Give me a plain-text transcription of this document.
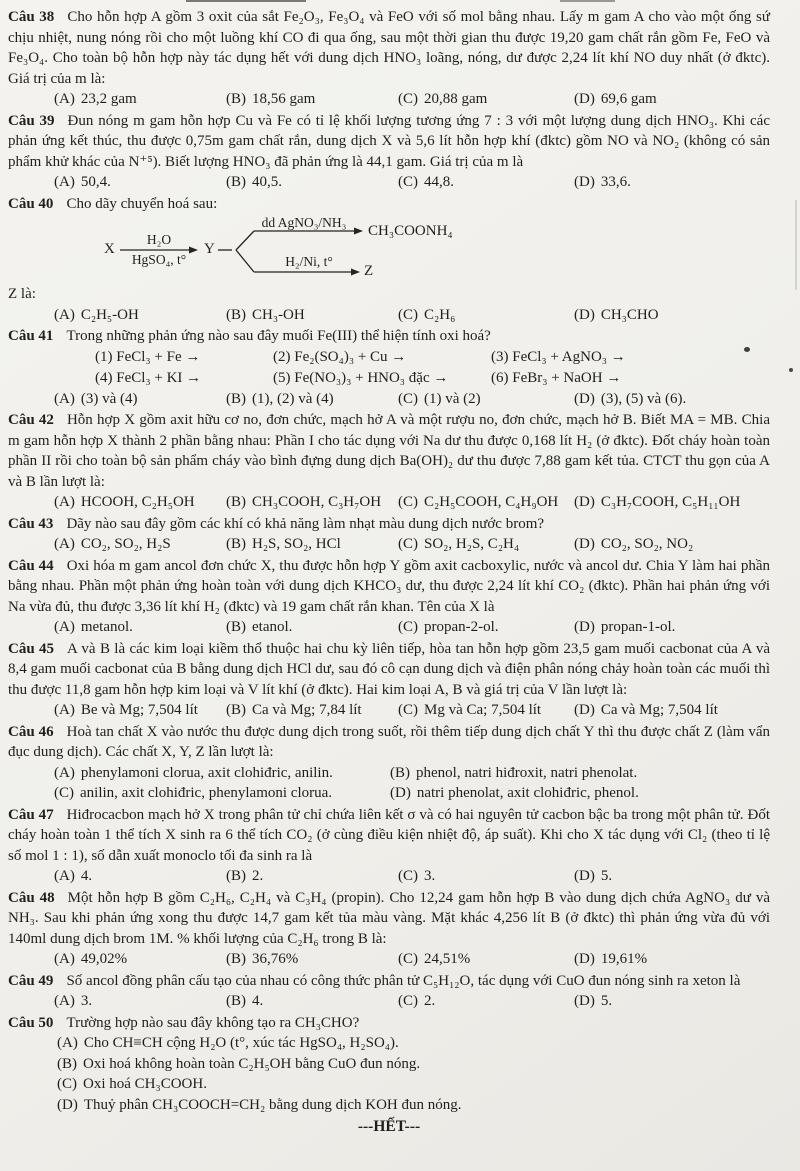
Câu 38 Cho hỗn hợp A gồm 3 oxit của sắt Fe₂O₃, Fe₃O₄ và FeO với số mol bằng nhau. Lấy m gam A cho vào một ống sứ chịu nhiệt, nung nóng rồi cho một luồng khí CO đi qua ống, sau một thời gian thu được 19,20 gam chất rắn gồm Fe, FeO và Fe₃O₄. Cho toàn bộ hỗn hợp này tác dụng hết với dung dịch HNO₃ loãng, nóng, dư được 2,24 lít khí NO duy nhất (ở đktc). Giá trị của m là:
(A) 23,2 gam	(B) 18,56 gam	(C) 20,88 gam	(D) 69,6 gam
Câu 39 Đun nóng m gam hỗn hợp Cu và Fe có tỉ lệ khối lượng tương ứng 7 : 3 với một lượng dung dịch HNO₃. Khi các phản ứng kết thúc, thu được 0,75m gam chất rắn, dung dịch X và 5,6 lít hỗn hợp khí (đktc) gồm NO và NO₂ (không có sản phẩm khử khác của N⁺⁵). Biết lượng HNO₃ đã phản ứng là 44,1 gam. Giá trị của m là
(A) 50,4.	(B) 40,5.	(C) 44,8.	(D) 33,6.
Câu 40 Cho dãy chuyển hoá sau:
X
H₂O
HgSO₄, t°
Y
dd AgNO₃/NH₃
CH₃COONH₄
H₂/Ni, t°
Z
Z là:
(A) C₂H₅-OH	(B) CH₃-OH	(C) C₂H₆	(D) CH₃CHO
Câu 41 Trong những phản ứng nào sau đây muối Fe(III) thể hiện tính oxi hoá?
(1) FeCl₃ + Fe →	(2) Fe₂(SO₄)₃ + Cu →	(3) FeCl₃ + AgNO₃ →
(4) FeCl₃ + KI →	(5) Fe(NO₃)₃ + HNO₃ đặc →	(6) FeBr₃ + NaOH →
(A) (3) và (4)	(B) (1), (2) và (4)	(C) (1) và (2)	(D) (3), (5) và (6).
Câu 42 Hỗn hợp X gồm axit hữu cơ no, đơn chức, mạch hở A và một rượu no, đơn chức, mạch hở B. Biết MA = MB. Chia m gam hỗn hợp X thành 2 phần bằng nhau: Phần I cho tác dụng với Na dư thu được 0,168 lít H₂ (ở đktc). Đốt cháy hoàn toàn phần II rồi cho toàn bộ sản phẩm cháy vào bình đựng dung dịch Ba(OH)₂ dư thu được 7,88 gam kết tủa. CTCT thu gọn của A và B lần lượt là:
(A) HCOOH, C₂H₅OH	(B) CH₃COOH, C₃H₇OH	(C) C₂H₅COOH, C₄H₉OH	(D) C₃H₇COOH, C₅H₁₁OH
Câu 43 Dãy nào sau đây gồm các khí có khả năng làm nhạt màu dung dịch nước brom?
(A) CO₂, SO₂, H₂S	(B) H₂S, SO₂, HCl	(C) SO₂, H₂S, C₂H₄	(D) CO₂, SO₂, NO₂
Câu 44 Oxi hóa m gam ancol đơn chức X, thu được hỗn hợp Y gồm axit cacboxylic, nước và ancol dư. Chia Y làm hai phần bằng nhau. Phần một phản ứng hoàn toàn với dung dịch KHCO₃ dư, thu được 2,24 lít khí CO₂ (đktc). Phần hai phản ứng với Na vừa đủ, thu được 3,36 lít khí H₂ (đktc) và 19 gam chất rắn khan. Tên của X là
(A) metanol.	(B) etanol.	(C) propan-2-ol.	(D) propan-1-ol.
Câu 45 A và B là các kim loại kiềm thổ thuộc hai chu kỳ liên tiếp, hòa tan hỗn hợp gồm 23,5 gam muối cacbonat của A và 8,4 gam muối cacbonat của B bằng dung dịch HCl dư, sau đó cô cạn dung dịch và điện phân nóng chảy hoàn toàn các muối thì thu được 11,8 gam hỗn hợp kim loại và V lít khí (ở đktc). Hai kim loại A, B và giá trị của V lần lượt là:
(A) Be và Mg; 7,504 lít	(B) Ca và Mg; 7,84 lít	(C) Mg và Ca; 7,504 lít	(D) Ca và Mg; 7,504 lít
Câu 46 Hoà tan chất X vào nước thu được dung dịch trong suốt, rồi thêm tiếp dung dịch chất Y thì thu được chất Z (làm vẩn đục dung dịch). Các chất X, Y, Z lần lượt là:
(A) phenylamoni clorua, axit clohiđric, anilin.	(B) phenol, natri hiđroxit, natri phenolat.
(C) anilin, axit clohiđric, phenylamoni clorua.	(D) natri phenolat, axit clohiđric, phenol.
Câu 47 Hiđrocacbon mạch hở X trong phân tử chỉ chứa liên kết σ và có hai nguyên tử cacbon bậc ba trong một phân tử. Đốt cháy hoàn toàn 1 thể tích X sinh ra 6 thể tích CO₂ (ở cùng điều kiện nhiệt độ, áp suất). Khi cho X tác dụng với Cl₂ (theo tỉ lệ số mol 1 : 1), số dẫn xuất monoclo tối đa sinh ra là
(A) 4.	(B) 2.	(C) 3.	(D) 5.
Câu 48 Một hỗn hợp B gồm C₂H₆, C₂H₄ và C₃H₄ (propin). Cho 12,24 gam hỗn hợp B vào dung dịch chứa AgNO₃ dư và NH₃. Sau khi phản ứng xong thu được 14,7 gam kết tủa màu vàng. Mặt khác 4,256 lít B (ở đktc) thì phản ứng vừa đủ với 140ml dung dịch brom 1M. % khối lượng của C₂H₆ trong B là:
(A) 49,02%	(B) 36,76%	(C) 24,51%	(D) 19,61%
Câu 49 Số ancol đồng phân cấu tạo của nhau có công thức phân tử C₅H₁₂O, tác dụng với CuO đun nóng sinh ra xeton là
(A) 3.	(B) 4.	(C) 2.	(D) 5.
Câu 50 Trường hợp nào sau đây không tạo ra CH₃CHO?
(A) Cho CH≡CH cộng H₂O (t°, xúc tác HgSO₄, H₂SO₄).
(B) Oxi hoá không hoàn toàn C₂H₅OH bằng CuO đun nóng.
(C) Oxi hoá CH₃COOH.
(D) Thuỷ phân CH₃COOCH=CH₂ bằng dung dịch KOH đun nóng.
---HẾT---
